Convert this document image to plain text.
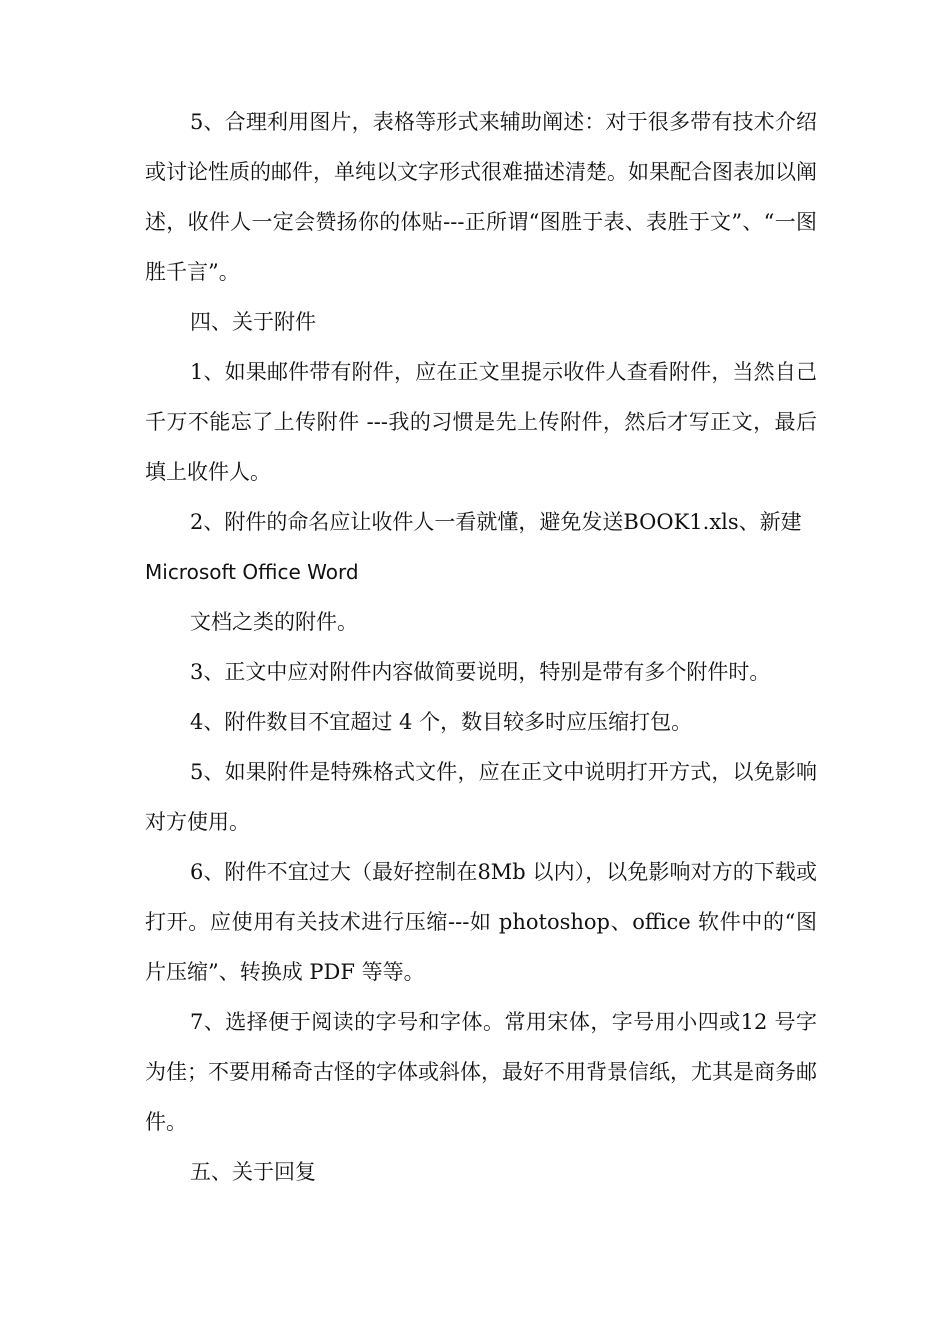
5、合理利用图片，表格等形式来辅助阐述：对于很多带有技术介绍或讨论性质的邮件，单纯以文字形式很难描述清楚。如果配合图表加以阐述，收件人一定会赞扬你的体贴---正所谓“图胜于表、表胜于文”、“一图胜千言”。

四、关于附件

1、如果邮件带有附件，应在正文里提示收件人查看附件，当然自己千万不能忘了上传附件 ---我的习惯是先上传附件，然后才写正文，最后填上收件人。

2、附件的命名应让收件人一看就懂，避免发送BOOK1.xls、新建

Microsoft Office Word

文档之类的附件。

3、正文中应对附件内容做简要说明，特别是带有多个附件时。

4、附件数目不宜超过 4 个，数目较多时应压缩打包。

5、如果附件是特殊格式文件，应在正文中说明打开方式，以免影响对方使用。

6、附件不宜过大（最好控制在8Mb 以内），以免影响对方的下载或打开。应使用有关技术进行压缩---如 photoshop、office 软件中的“图片压缩”、转换成 PDF 等等。

7、选择便于阅读的字号和字体。常用宋体，字号用小四或12 号字为佳；不要用稀奇古怪的字体或斜体，最好不用背景信纸，尤其是商务邮件。

五、关于回复
